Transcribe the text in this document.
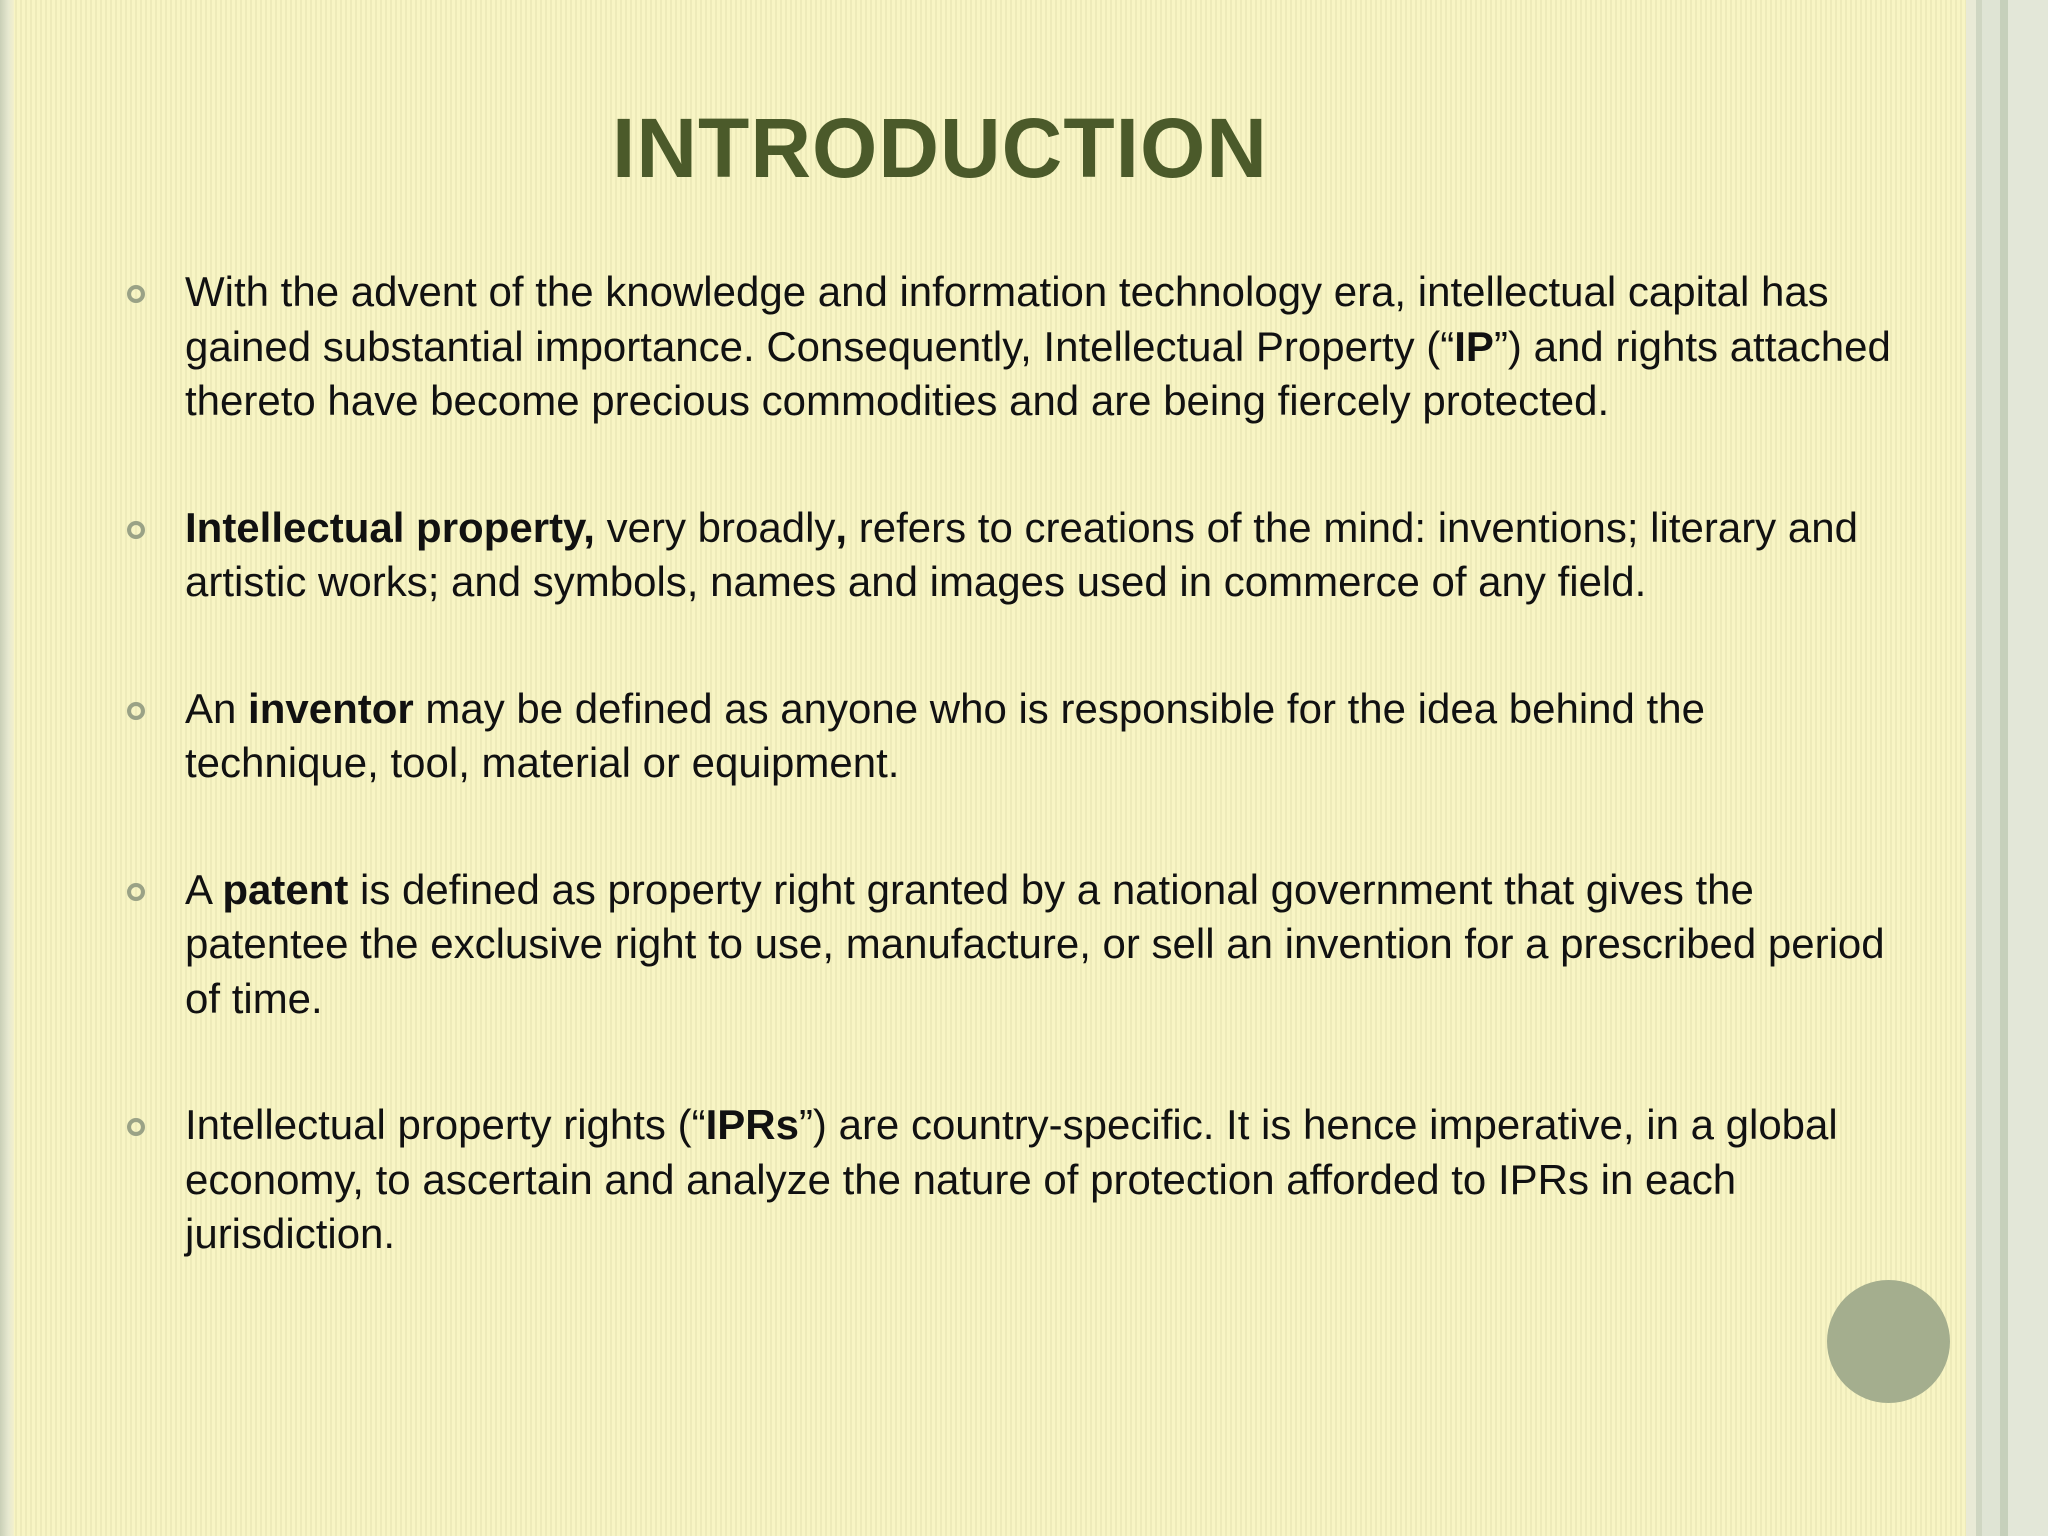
INTRODUCTION
With the advent of the knowledge and information technology era, intellectual capital has gained substantial importance. Consequently, Intellectual Property (“IP”) and rights attached thereto have become precious commodities and are being fiercely protected.
Intellectual property, very broadly, refers to creations of the mind: inventions; literary and artistic works; and symbols, names and images used in commerce of any field.
An inventor may be defined as anyone who is responsible for the idea behind the technique, tool, material or equipment.
A patent is defined as property right granted by a national government that gives the patentee the exclusive right to use, manufacture, or sell an invention for a prescribed period of time.
Intellectual property rights (“IPRs”) are country-specific. It is hence imperative, in a global economy, to ascertain and analyze the nature of protection afforded to IPRs in each jurisdiction.
